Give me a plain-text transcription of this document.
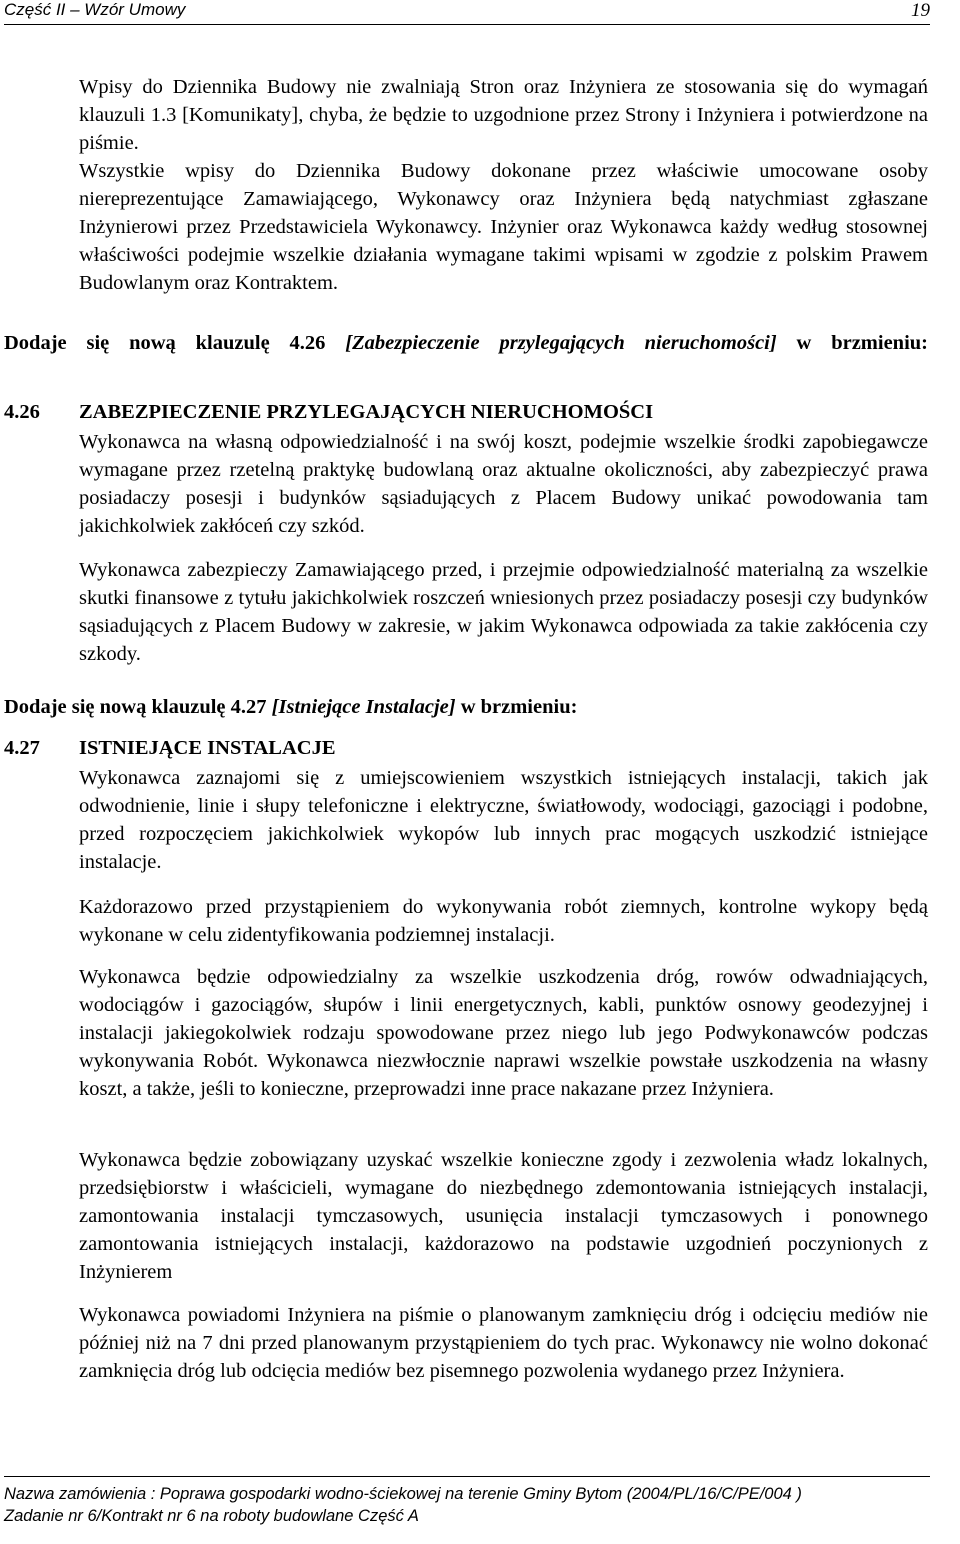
Część II – Wzór Umowy	19

Wpisy do Dziennika Budowy nie zwalniają Stron oraz Inżyniera ze stosowania się do wymagań klauzuli 1.3 [Komunikaty], chyba, że będzie to uzgodnione przez Strony i Inżyniera i potwierdzone na piśmie.

Wszystkie wpisy do Dziennika Budowy dokonane przez właściwie umocowane osoby niereprezentujące Zamawiającego, Wykonawcy oraz Inżyniera będą natychmiast zgłaszane Inżynierowi przez Przedstawiciela Wykonawcy. Inżynier oraz Wykonawca każdy według stosownej właściwości podejmie wszelkie działania wymagane takimi wpisami w zgodzie z polskim Prawem Budowlanym oraz Kontraktem.

Dodaje się nową klauzulę 4.26 [Zabezpieczenie przylegających nieruchomości] w brzmieniu:

4.26 ZABEZPIECZENIE PRZYLEGAJĄCYCH NIERUCHOMOŚCI

Wykonawca na własną odpowiedzialność i na swój koszt, podejmie wszelkie środki zapobiegawcze wymagane przez rzetelną praktykę budowlaną oraz aktualne okoliczności, aby zabezpieczyć prawa posiadaczy posesji i budynków sąsiadujących z Placem Budowy unikać powodowania tam jakichkolwiek zakłóceń czy szkód.

Wykonawca zabezpieczy Zamawiającego przed, i przejmie odpowiedzialność materialną za wszelkie skutki finansowe z tytułu jakichkolwiek roszczeń wniesionych przez posiadaczy posesji czy budynków sąsiadujących z Placem Budowy w zakresie, w jakim Wykonawca odpowiada za takie zakłócenia czy szkody.

Dodaje się nową klauzulę 4.27 [Istniejące Instalacje] w brzmieniu:

4.27 ISTNIEJĄCE INSTALACJE

Wykonawca zaznajomi się z umiejscowieniem wszystkich istniejących instalacji, takich jak odwodnienie, linie i słupy telefoniczne i elektryczne, światłowody, wodociągi, gazociągi i podobne, przed rozpoczęciem jakichkolwiek wykopów lub innych prac mogących uszkodzić istniejące instalacje.

Każdorazowo przed przystąpieniem do wykonywania robót ziemnych, kontrolne wykopy będą wykonane w celu zidentyfikowania podziemnej instalacji.

Wykonawca będzie odpowiedzialny za wszelkie uszkodzenia dróg, rowów odwadniających, wodociągów i gazociągów, słupów i linii energetycznych, kabli, punktów osnowy geodezyjnej i instalacji jakiegokolwiek rodzaju spowodowane przez niego lub jego Podwykonawców podczas wykonywania Robót. Wykonawca niezwłocznie naprawi wszelkie powstałe uszkodzenia na własny koszt, a także, jeśli to konieczne, przeprowadzi inne prace nakazane przez Inżyniera.

Wykonawca będzie zobowiązany uzyskać wszelkie konieczne zgody i zezwolenia władz lokalnych, przedsiębiorstw i właścicieli, wymagane do niezbędnego zdemontowania istniejących instalacji, zamontowania instalacji tymczasowych, usunięcia instalacji tymczasowych i ponownego zamontowania istniejących instalacji, każdorazowo na podstawie uzgodnień poczynionych z Inżynierem

Wykonawca powiadomi Inżyniera na piśmie o planowanym zamknięciu dróg i odcięciu mediów nie później niż na 7 dni przed planowanym przystąpieniem do tych prac. Wykonawcy nie wolno dokonać zamknięcia dróg lub odcięcia mediów bez pisemnego pozwolenia wydanego przez Inżyniera.

Nazwa zamówienia : Poprawa gospodarki wodno-ściekowej na terenie Gminy Bytom (2004/PL/16/C/PE/004 )
Zadanie nr 6/Kontrakt nr 6 na roboty budowlane Część A
